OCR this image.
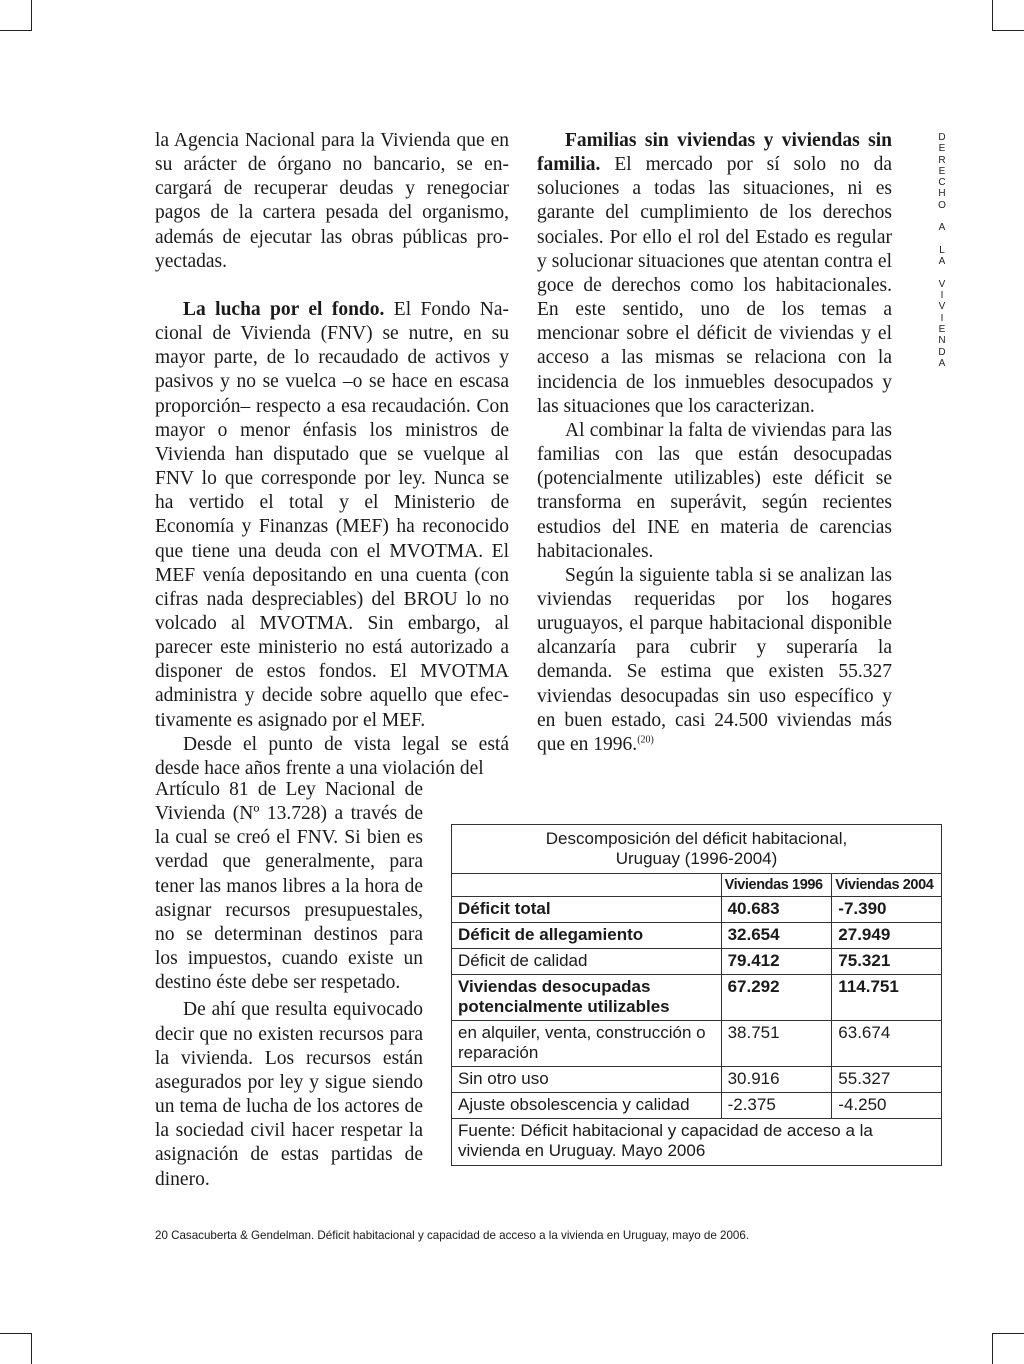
D
E
R
E
C
H
O

A

L
A

V
I
V
I
E
N
D
A

la Agencia Nacional para la Vivienda que en su arácter de órgano no bancario, se encargará de recuperar deudas y renegociar pagos de la cartera pesada del organismo, además de ejecutar las obras públicas proyectadas.

La lucha por el fondo. El Fondo Nacional de Vivienda (FNV) se nutre, en su mayor parte, de lo recaudado de activos y pasivos y no se vuelca –o se hace en escasa proporción– respecto a esa recaudación. Con mayor o menor énfasis los ministros de Vivienda han disputado que se vuelque al FNV lo que corresponde por ley. Nunca se ha vertido el total y el Ministerio de Economía y Finanzas (MEF) ha reconocido que tiene una deuda con el MVOTMA. El MEF venía depositando en una cuenta (con cifras nada despreciables) del BROU lo no volcado al MVOTMA. Sin embargo, al parecer este ministerio no está autorizado a disponer de estos fondos. El MVOTMA administra y decide sobre aquello que efectivamente es asignado por el MEF.

Desde el punto de vista legal se está desde hace años frente a una violación del

Artículo 81 de Ley Nacional de Vivienda (Nº 13.728) a través de la cual se creó el FNV. Si bien es verdad que generalmente, para tener las manos libres a la hora de asignar recursos presupuestales, no se determinan destinos para los impuestos, cuando existe un destino éste debe ser respetado.

De ahí que resulta equivocado decir que no existen recursos para la vivienda. Los recursos están asegurados por ley y sigue siendo un tema de lucha de los actores de la sociedad civil hacer respetar la asignación de estas partidas de dinero.

Familias sin viviendas y viviendas sin familia. El mercado por sí solo no da soluciones a todas las situaciones, ni es garante del cumplimiento de los derechos sociales. Por ello el rol del Estado es regular y solucionar situaciones que atentan contra el goce de derechos como los habitacionales. En este sentido, uno de los temas a mencionar sobre el déficit de viviendas y el acceso a las mismas se relaciona con la incidencia de los inmuebles desocupados y las situaciones que los caracterizan.

Al combinar la falta de viviendas para las familias con las que están desocupadas (potencialmente utilizables) este déficit se transforma en superávit, según recientes estudios del INE en materia de carencias habitacionales.

Según la siguiente tabla si se analizan las viviendas requeridas por los hogares uruguayos, el parque habitacional disponible alcanzaría para cubrir y superaría la demanda. Se estima que existen 55.327 viviendas desocupadas sin uso específico y en buen estado, casi 24.500 viviendas más que en 1996.$^{(20)}$

Descomposición del déficit habitacional,
Uruguay (1996-2004)		

	Viviendas 1996	Viviendas 2004
Déficit total	40.683	-7.390
Déficit de allegamiento	32.654	27.949
Déficit de calidad	79.412	75.321
Viviendas desocupadas potencialmente utilizables	67.292	114.751
en alquiler, venta, construcción o reparación	38.751	63.674
Sin otro uso	30.916	55.327
Ajuste obsolescencia y calidad	-2.375	-4.250
Fuente: Déficit habitacional y capacidad de acceso a la vivienda en Uruguay. Mayo 2006		
20 Casacuberta & Gendelman. Déficit habitacional y capacidad de acceso a la vivienda en Uruguay, mayo de 2006.
